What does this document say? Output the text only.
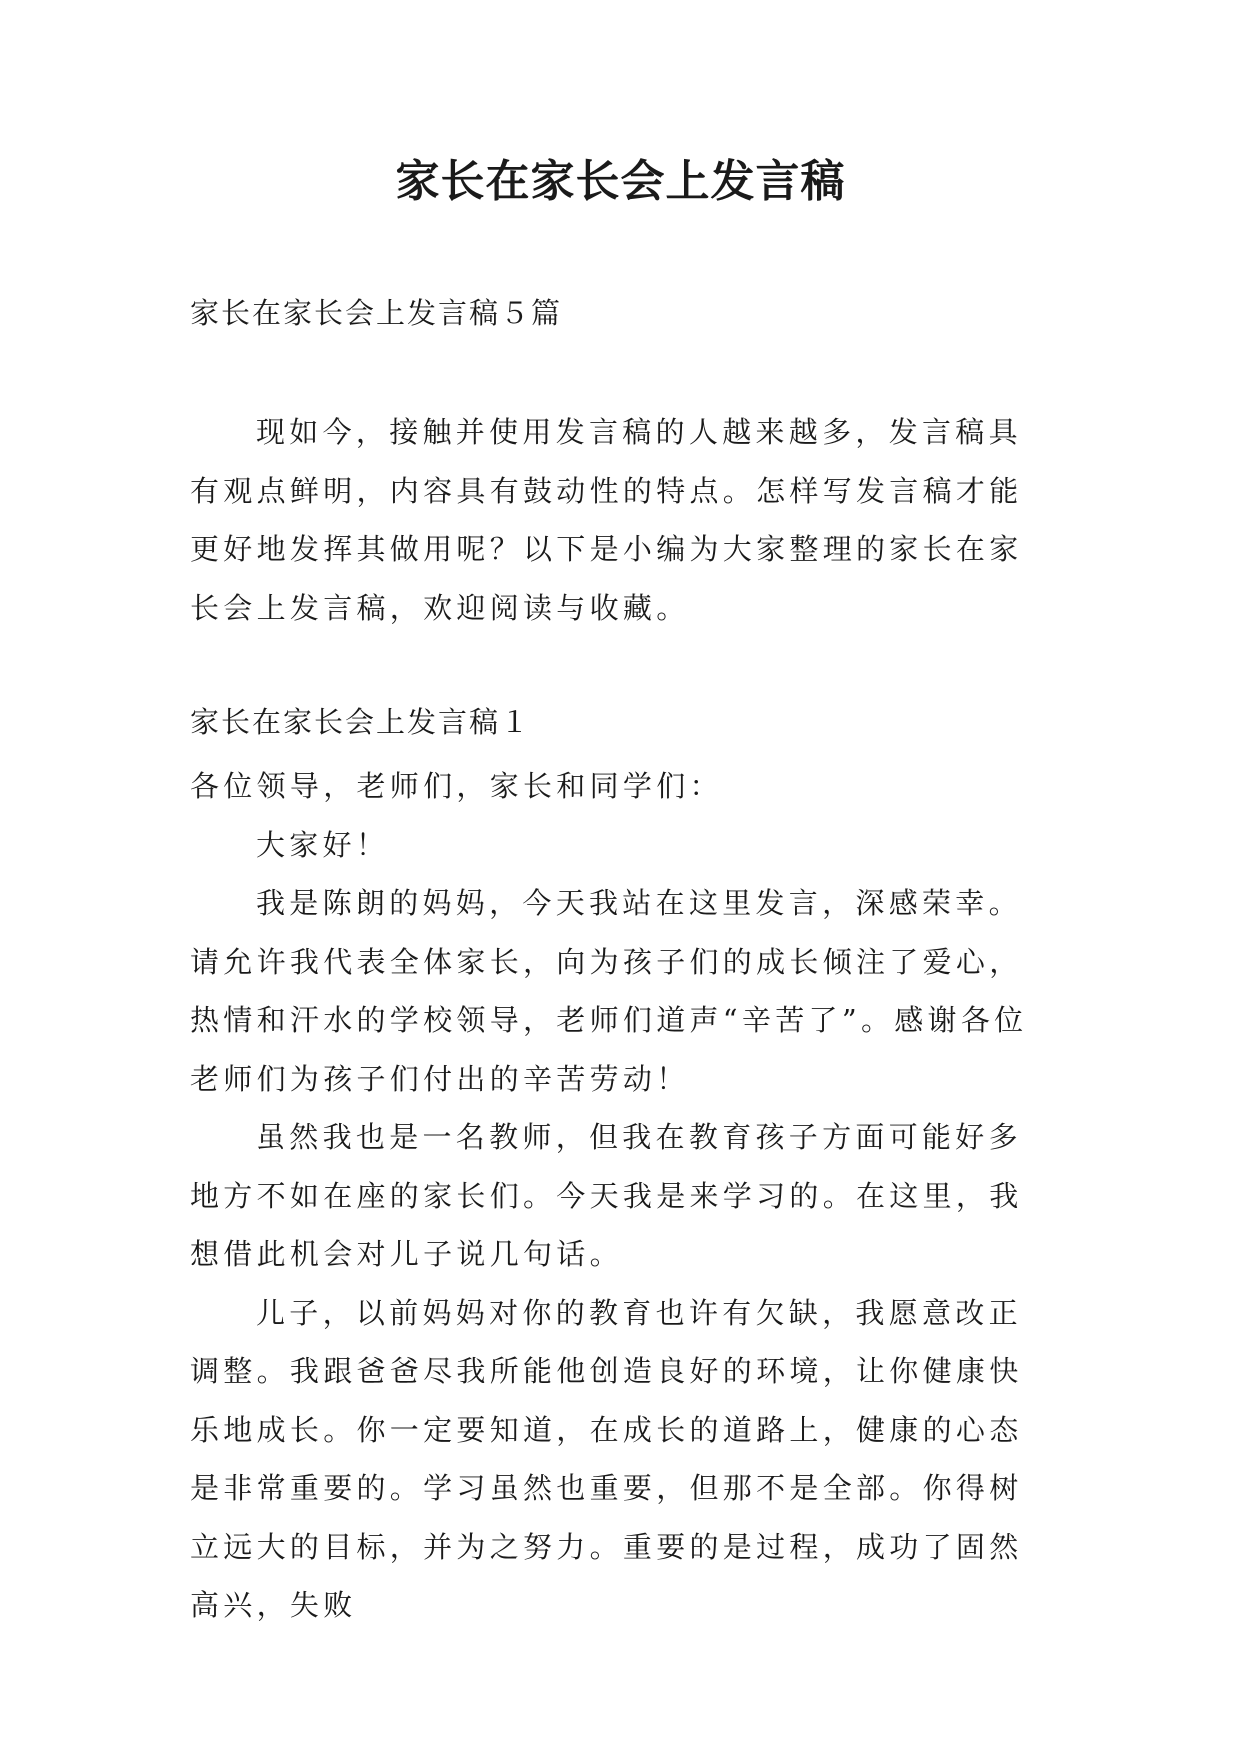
家长在家长会上发言稿

家长在家长会上发言稿５篇

现如今，接触并使用发言稿的人越来越多，发言稿具有观点鲜明，内容具有鼓动性的特点。怎样写发言稿才能更好地发挥其做用呢？以下是小编为大家整理的家长在家长会上发言稿，欢迎阅读与收藏。

家长在家长会上发言稿１

各位领导，老师们，家长和同学们：

大家好！

我是陈朗的妈妈，今天我站在这里发言，深感荣幸。请允许我代表全体家长，向为孩子们的成长倾注了爱心，热情和汗水的学校领导，老师们道声“辛苦了”。感谢各位老师们为孩子们付出的辛苦劳动！

虽然我也是一名教师，但我在教育孩子方面可能好多地方不如在座的家长们。今天我是来学习的。在这里，我想借此机会对儿子说几句话。

儿子，以前妈妈对你的教育也许有欠缺，我愿意改正调整。我跟爸爸尽我所能他创造良好的环境，让你健康快乐地成长。你一定要知道，在成长的道路上，健康的心态是非常重要的。学习虽然也重要，但那不是全部。你得树立远大的目标，并为之努力。重要的是过程，成功了固然高兴，失败
